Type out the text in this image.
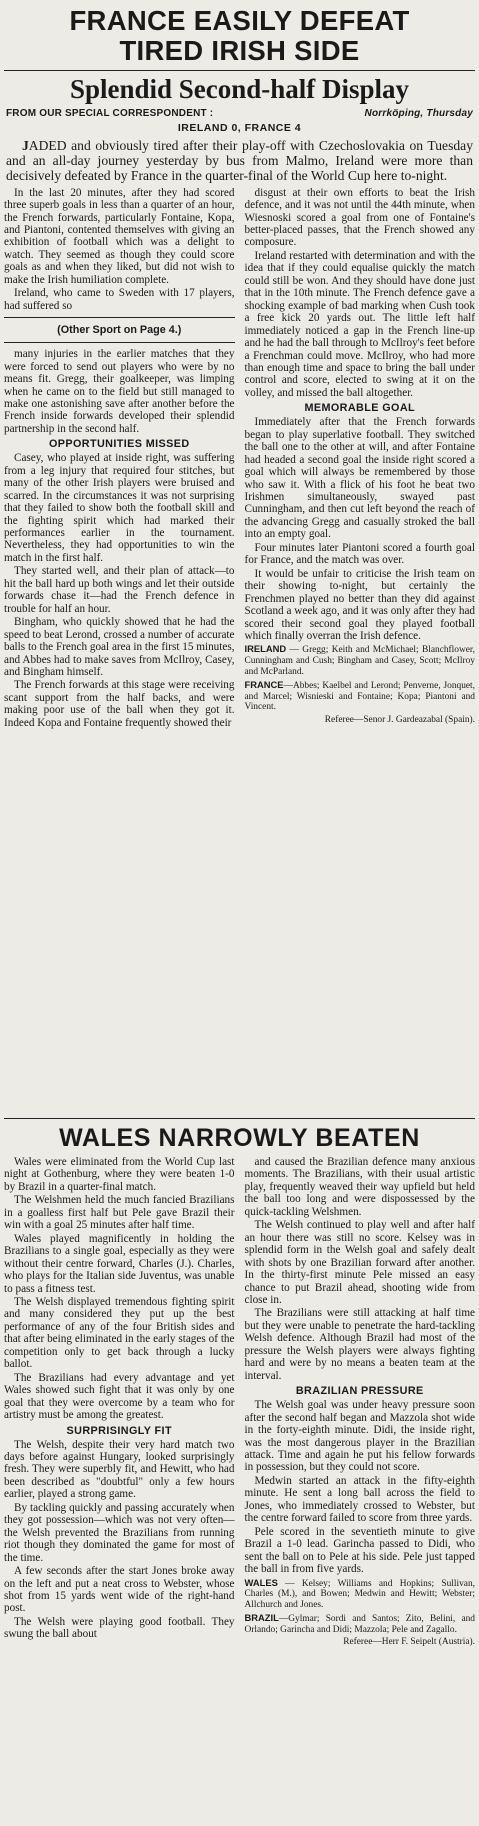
FRANCE EASILY DEFEAT
TIRED IRISH SIDE
Splendid Second-half Display
FROM OUR SPECIAL CORRESPONDENT :	Norrköping, Thursday
IRELAND 0, FRANCE 4

JADED and obviously tired after their play-off with Czechoslovakia on Tuesday and an all-day journey yesterday by bus from Malmo, Ireland were more than decisively defeated by France in the quarter-final of the World Cup here to-night.

In the last 20 minutes, after they had scored three superb goals in less than a quarter of an hour, the French forwards, particularly Fontaine, Kopa, and Piantoni, contented themselves with giving an exhibition of football which was a delight to watch. They seemed as though they could score goals as and when they liked, but did not wish to make the Irish humiliation complete.

Ireland, who came to Sweden with 17 players, had suffered so

(Other Sport on Page 4.)

many injuries in the earlier matches that they were forced to send out players who were by no means fit. Gregg, their goalkeeper, was limping when he came on to the field but still managed to make one astonishing save after another before the French inside forwards developed their splendid partnership in the second half.

OPPORTUNITIES MISSED

Casey, who played at inside right, was suffering from a leg injury that required four stitches, but many of the other Irish players were bruised and scarred. In the circumstances it was not surprising that they failed to show both the football skill and the fighting spirit which had marked their performances earlier in the tournament. Nevertheless, they had opportunities to win the match in the first half.

They started well, and their plan of attack—to hit the ball hard up both wings and let their outside forwards chase it—had the French defence in trouble for half an hour.

Bingham, who quickly showed that he had the speed to beat Lerond, crossed a number of accurate balls to the French goal area in the first 15 minutes, and Abbes had to make saves from McIlroy, Casey, and Bingham himself.

The French forwards at this stage were receiving scant support from the half backs, and were making poor use of the ball when they got it. Indeed Kopa and Fontaine frequently showed their

disgust at their own efforts to beat the Irish defence, and it was not until the 44th minute, when Wiesnoski scored a goal from one of Fontaine's better-placed passes, that the French showed any composure.

Ireland restarted with determination and with the idea that if they could equalise quickly the match could still be won. And they should have done just that in the 10th minute. The French defence gave a shocking example of bad marking when Cush took a free kick 20 yards out. The little left half immediately noticed a gap in the French line-up and he had the ball through to McIlroy's feet before a Frenchman could move. McIlroy, who had more than enough time and space to bring the ball under control and score, elected to swing at it on the volley, and missed the ball altogether.

MEMORABLE GOAL

Immediately after that the French forwards began to play superlative football. They switched the ball one to the other at will, and after Fontaine had headed a second goal the inside right scored a goal which will always be remembered by those who saw it. With a flick of his foot he beat two Irishmen simultaneously, swayed past Cunningham, and then cut left beyond the reach of the advancing Gregg and casually stroked the ball into an empty goal.

Four minutes later Piantoni scored a fourth goal for France, and the match was over.

It would be unfair to criticise the Irish team on their showing to-night, but certainly the Frenchmen played no better than they did against Scotland a week ago, and it was only after they had scored their second goal they played football which finally overran the Irish defence.

IRELAND — Gregg; Keith and McMichael; Blanchflower, Cunningham and Cush; Bingham and Casey, Scott; McIlroy and McParland.
FRANCE—Abbes; Kaelbel and Lerond; Penverne, Jonquet, and Marcel; Wisnieski and Fontaine; Kopa; Piantoni and Vincent.
Referee—Senor J. Gardeazabal (Spain).
WALES NARROWLY BEATEN

Wales were eliminated from the World Cup last night at Gothenburg, where they were beaten 1-0 by Brazil in a quarter-final match.

The Welshmen held the much fancied Brazilians in a goalless first half but Pele gave Brazil their win with a goal 25 minutes after half time.

Wales played magnificently in holding the Brazilians to a single goal, especially as they were without their centre forward, Charles (J.). Charles, who plays for the Italian side Juventus, was unable to pass a fitness test.

The Welsh displayed tremendous fighting spirit and many considered they put up the best performance of any of the four British sides and that after being eliminated in the early stages of the competition only to get back through a lucky ballot.

The Brazilians had every advantage and yet Wales showed such fight that it was only by one goal that they were overcome by a team who for artistry must be among the greatest.

SURPRISINGLY FIT

The Welsh, despite their very hard match two days before against Hungary, looked surprisingly fresh. They were superbly fit, and Hewitt, who had been described as "doubtful" only a few hours earlier, played a strong game.

By tackling quickly and passing accurately when they got possession—which was not very often—the Welsh prevented the Brazilians from running riot though they dominated the game for most of the time.

A few seconds after the start Jones broke away on the left and put a neat cross to Webster, whose shot from 15 yards went wide of the right-hand post.

The Welsh were playing good football. They swung the ball about

and caused the Brazilian defence many anxious moments. The Brazilians, with their usual artistic play, frequently weaved their way upfield but held the ball too long and were dispossessed by the quick-tackling Welshmen.

The Welsh continued to play well and after half an hour there was still no score. Kelsey was in splendid form in the Welsh goal and safely dealt with shots by one Brazilian forward after another. In the thirty-first minute Pele missed an easy chance to put Brazil ahead, shooting wide from close in.

The Brazilians were still attacking at half time but they were unable to penetrate the hard-tackling Welsh defence. Although Brazil had most of the pressure the Welsh players were always fighting hard and were by no means a beaten team at the interval.

BRAZILIAN PRESSURE

The Welsh goal was under heavy pressure soon after the second half began and Mazzola shot wide in the forty-eighth minute. Didi, the inside right, was the most dangerous player in the Brazilian attack. Time and again he put his fellow forwards in possession, but they could not score.

Medwin started an attack in the fifty-eighth minute. He sent a long ball across the field to Jones, who immediately crossed to Webster, but the centre forward failed to score from three yards.

Pele scored in the seventieth minute to give Brazil a 1-0 lead. Garincha passed to Didi, who sent the ball on to Pele at his side. Pele just tapped the ball in from five yards.

WALES — Kelsey; Williams and Hopkins; Sullivan, Charles (M.), and Bowen; Medwin and Hewitt; Webster; Allchurch and Jones.
BRAZIL—Gylmar; Sordi and Santos; Zito, Belini, and Orlando; Garincha and Didi; Mazzola; Pele and Zagallo.
Referee—Herr F. Seipelt (Austria).
